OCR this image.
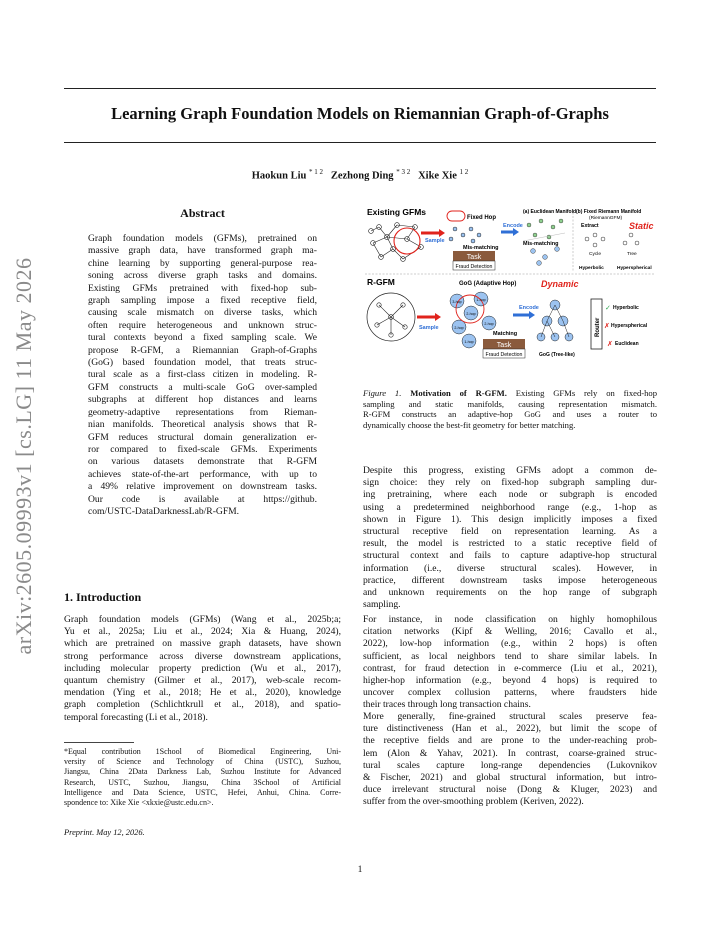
Learning Graph Foundation Models on Riemannian Graph-of-Graphs
Haokun Liu $^{* 1 2}$ Zezhong Ding $^{* 3 2}$ Xike Xie $^{1 2}$
arXiv:2605.09993v1 [cs.LG] 11 May 2026
Abstract
Graph foundation models (GFMs), pretrained on
massive graph data, have transformed graph ma-
chine learning by supporting general-purpose rea-
soning across diverse graph tasks and domains.
Existing GFMs pretrained with fixed-hop sub-
graph sampling impose a fixed receptive field,
causing scale mismatch on diverse tasks, which
often require heterogeneous and unknown struc-
tural contexts beyond a fixed sampling scale. We
propose R-GFM, a Riemannian Graph-of-Graphs
(GoG) based foundation model, that treats struc-
tural scale as a first-class citizen in modeling. R-
GFM constructs a multi-scale GoG over-sampled
subgraphs at different hop distances and learns
geometry-adaptive representations from Rieman-
nian manifolds. Theoretical analysis shows that R-
GFM reduces structural domain generalization er-
ror compared to fixed-scale GFMs. Experiments
on various datasets demonstrate that R-GFM
achieves state-of-the-art performance, with up to
a 49% relative improvement on downstream tasks.
Our code is available at https://github.
com/USTC-DataDarknessLab/R-GFM.
1. Introduction
Graph foundation models (GFMs) (Wang et al., 2025b;a;
Yu et al., 2025a; Liu et al., 2024; Xia & Huang, 2024),
which are pretrained on massive graph datasets, have shown
strong performance across diverse downstream applications,
including molecular property prediction (Wu et al., 2017),
quantum chemistry (Gilmer et al., 2017), web-scale recom-
mendation (Ying et al., 2018; He et al., 2020), knowledge
graph completion (Schlichtkrull et al., 2018), and spatio-
temporal forecasting (Li et al., 2018).
*Equal contribution 1School of Biomedical Engineering, Uni-
versity of Science and Technology of China (USTC), Suzhou,
Jiangsu, China 2Data Darkness Lab, Suzhou Institute for Advanced
Research, USTC, Suzhou, Jiangsu, China 3School of Artificial
Intelligence and Data Science, USTC, Hefei, Anhui, China. Corre-
spondence to: Xike Xie <xkxie@ustc.edu.cn>.
Preprint. May 12, 2026.
Existing GFMs
Sample
Fixed Hop
Mis-matching
Task
Fraud Detection
Encode
(a) Euclidean Manifold
Mis-matching
(b) Fixed Riemann Manifold
(RiemannGFM)
Extract	Static
Cycle	Tree
Hyperbolic	Hyperspherical
R-GFM
Sample
GoG (Adaptive Hop)	Dynamic
3-hop
2-hop
2-hop
1-hop
2-hop
1-hop
Encode
Matching
Task
Fraud Detection	GoG (Tree-like)
Router
Hyperbolic
Hyperspherical
Euclidean
✓
✗
✗
Figure 1. Motivation of R-GFM. Existing GFMs rely on fixed-hop
sampling and static manifolds, causing representation mismatch.
R-GFM constructs an adaptive-hop GoG and uses a router to
dynamically choose the best-fit geometry for better matching.
Despite this progress, existing GFMs adopt a common de-
sign choice: they rely on fixed-hop subgraph sampling dur-
ing pretraining, where each node or subgraph is encoded
using a predetermined neighborhood range (e.g., 1-hop as
shown in Figure 1). This design implicitly imposes a fixed
structural receptive field on representation learning. As a
result, the model is restricted to a static receptive field of
structural context and fails to capture adaptive-hop structural
information (i.e., diverse structural scales). However, in
practice, different downstream tasks impose heterogeneous
and unknown requirements on the hop range of subgraph
sampling.
For instance, in node classification on highly homophilous
citation networks (Kipf & Welling, 2016; Cavallo et al.,
2022), low-hop information (e.g., within 2 hops) is often
sufficient, as local neighbors tend to share similar labels. In
contrast, for fraud detection in e-commerce (Liu et al., 2021),
higher-hop information (e.g., beyond 4 hops) is required to
uncover complex collusion patterns, where fraudsters hide
their traces through long transaction chains.
More generally, fine-grained structural scales preserve fea-
ture distinctiveness (Han et al., 2022), but limit the scope of
the receptive fields and are prone to the under-reaching prob-
lem (Alon & Yahav, 2021). In contrast, coarse-grained struc-
tural scales capture long-range dependencies (Lukovnikov
& Fischer, 2021) and global structural information, but intro-
duce irrelevant structural noise (Dong & Kluger, 2023) and
suffer from the over-smoothing problem (Keriven, 2022).
1
